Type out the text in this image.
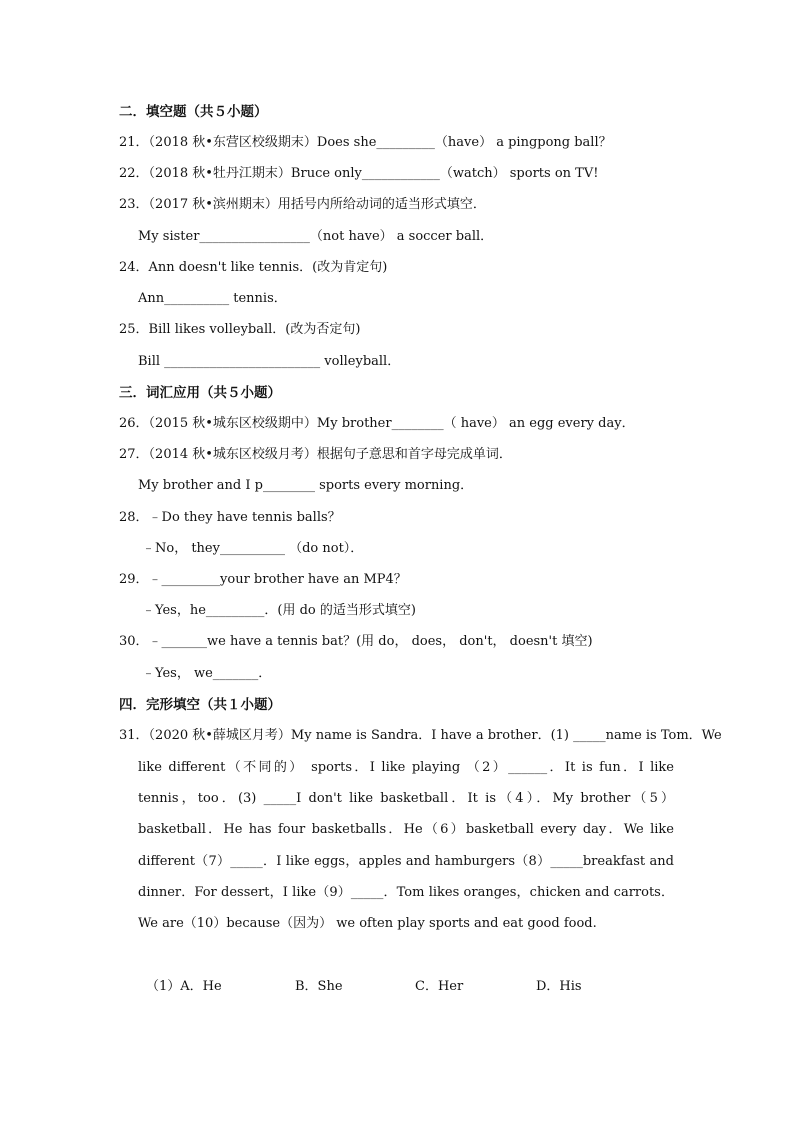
二．填空题（共５小题）
21．（2018 秋•东营区校级期末）Does she_________（have） a pingpong ball？
22．（2018 秋•牡丹江期末）Bruce only____________（watch） sports on TV!
23．（2017 秋•滨州期末）用括号内所给动词的适当形式填空．
My sister_________________（not have） a soccer ball．
24．Ann doesn't like tennis．(改为肯定句)
Ann__________ tennis．
25．Bill likes volleyball．(改为否定句)
Bill ________________________ volleyball．
三．词汇应用（共５小题）
26．（2015 秋•城东区校级期中）My brother________（ have） an egg every day．
27．（2014 秋•城东区校级月考）根据句子意思和首字母完成单词．
My brother and I p________ sports every morning．
28．﹣Do they have tennis balls？
﹣No， they__________ （do not）．
29．﹣_________your brother have an MP4？
﹣Yes，he_________．(用 do 的适当形式填空)
30．﹣_______we have a tennis bat？(用 do， does， don't， doesn't 填空)
﹣Yes， we_______．
四．完形填空（共１小题）
31．（2020 秋•薛城区月考）My name is Sandra．I have a brother．(1) _____name is Tom．We
like different（不同的） sports．I like playing （2）______．It is fun．I like tennis，too．(3) _____I don't like basketball．It is（4）．My brother（5）basketball．He has four basketballs．He（6）basketball every day．We like different（7）_____．I like eggs，apples and hamburgers（8）_____breakfast and dinner．For dessert，I like（9）_____．Tom likes oranges，chicken and carrots．We are（10）because（因为） we often play sports and eat good food.
（1）A．He	B．She	C．Her	D．His
